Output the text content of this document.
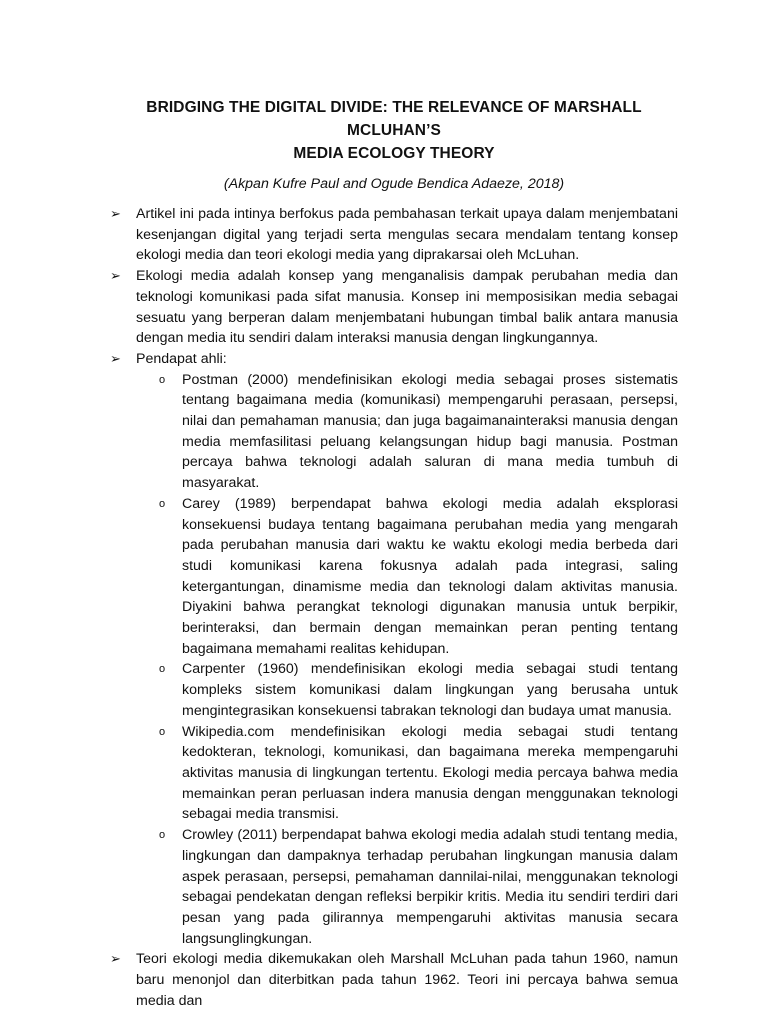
BRIDGING THE DIGITAL DIVIDE: THE RELEVANCE OF MARSHALL MCLUHAN’S
MEDIA ECOLOGY THEORY
(Akpan Kufre Paul and Ogude Bendica Adaeze, 2018)
➢ Artikel ini pada intinya berfokus pada pembahasan terkait upaya dalam menjembatani kesenjangan digital yang terjadi serta mengulas secara mendalam tentang konsep ekologi media dan teori ekologi media yang diprakarsai oleh McLuhan.
➢ Ekologi media adalah konsep yang menganalisis dampak perubahan media dan teknologi komunikasi pada sifat manusia. Konsep ini memposisikan media sebagai sesuatu yang berperan dalam menjembatani hubungan timbal balik antara manusia dengan media itu sendiri dalam interaksi manusia dengan lingkungannya.
➢ Pendapat ahli:
o Postman (2000) mendefinisikan ekologi media sebagai proses sistematis tentang bagaimana media (komunikasi) mempengaruhi perasaan, persepsi, nilai dan pemahaman manusia; dan juga bagaimanainteraksi manusia dengan media memfasilitasi peluang kelangsungan hidup bagi manusia. Postman percaya bahwa teknologi adalah saluran di mana media tumbuh di masyarakat.
o Carey (1989) berpendapat bahwa ekologi media adalah eksplorasi konsekuensi budaya tentang bagaimana perubahan media yang mengarah pada perubahan manusia dari waktu ke waktu ekologi media berbeda dari studi komunikasi karena fokusnya adalah pada integrasi, saling ketergantungan, dinamisme media dan teknologi dalam aktivitas manusia. Diyakini bahwa perangkat teknologi digunakan manusia untuk berpikir, berinteraksi, dan bermain dengan memainkan peran penting tentang bagaimana memahami realitas kehidupan.
o Carpenter (1960) mendefinisikan ekologi media sebagai studi tentang kompleks sistem komunikasi dalam lingkungan yang berusaha untuk mengintegrasikan konsekuensi tabrakan teknologi dan budaya umat manusia.
o Wikipedia.com mendefinisikan ekologi media sebagai studi tentang kedokteran, teknologi, komunikasi, dan bagaimana mereka mempengaruhi aktivitas manusia di lingkungan tertentu. Ekologi media percaya bahwa media memainkan peran perluasan indera manusia dengan menggunakan teknologi sebagai media transmisi.
o Crowley (2011) berpendapat bahwa ekologi media adalah studi tentang media, lingkungan dan dampaknya terhadap perubahan lingkungan manusia dalam aspek perasaan, persepsi, pemahaman dannilai-nilai, menggunakan teknologi sebagai pendekatan dengan refleksi berpikir kritis. Media itu sendiri terdiri dari pesan yang pada gilirannya mempengaruhi aktivitas manusia secara langsunglingkungan.
➢ Teori ekologi media dikemukakan oleh Marshall McLuhan pada tahun 1960, namun baru menonjol dan diterbitkan pada tahun 1962. Teori ini percaya bahwa semua media dan
